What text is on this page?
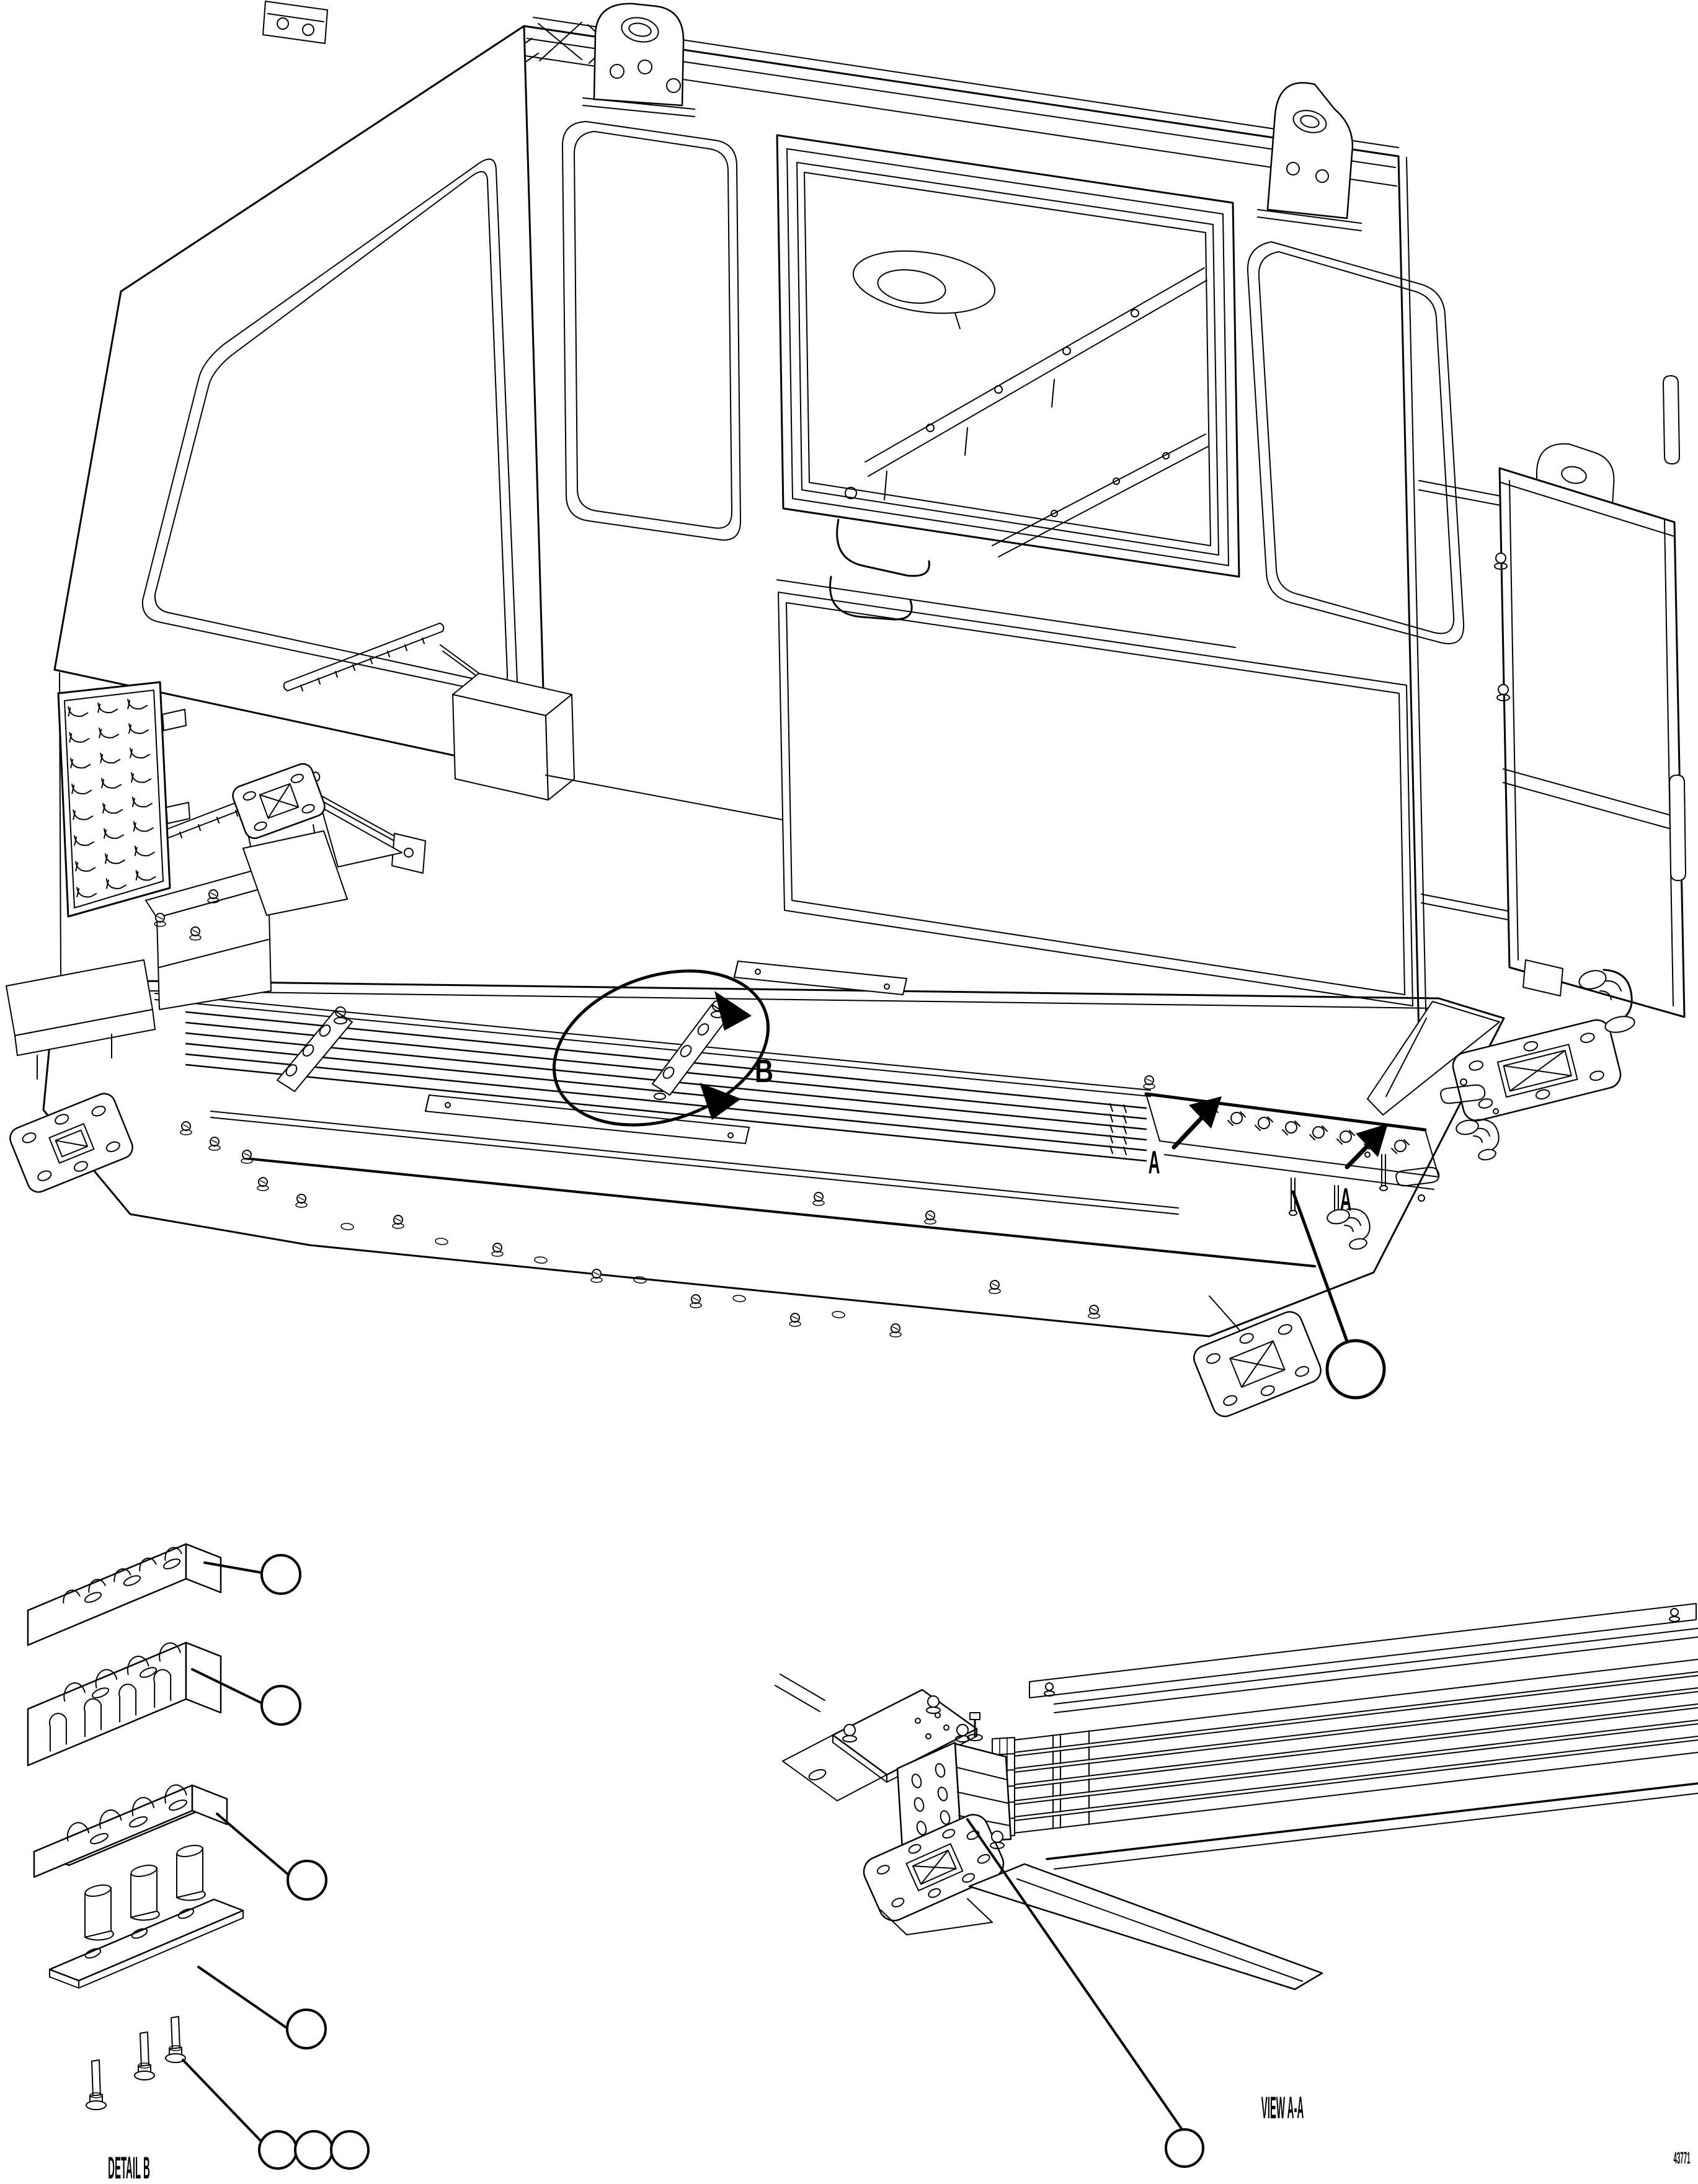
B
A
A
DETAIL B
VIEW A-A
43771
